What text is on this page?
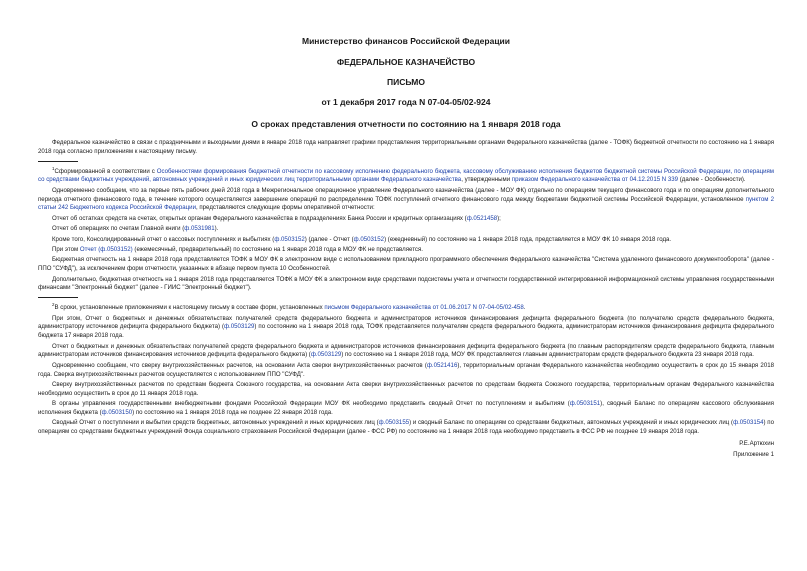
Министерство финансов Российской Федерации
ФЕДЕРАЛЬНОЕ КАЗНАЧЕЙСТВО
ПИСЬМО
от 1 декабря 2017 года N 07-04-05/02-924
О сроках представления отчетности по состоянию на 1 января 2018 года

Федеральное казначейство в связи с праздничными и выходными днями в январе 2018 года направляет графики представления территориальными органами Федерального казначейства (далее - ТОФК) бюджетной отчетности по состоянию на 1 января 2018 года согласно приложениям к настоящему письму.

$^1$Сформированной в соответствии с Особенностями формирования бюджетной отчетности по кассовому исполнению федерального бюджета, кассовому обслуживанию исполнения бюджетов бюджетной системы Российской Федерации, по операциям со средствами бюджетных учреждений, автономных учреждений и иных юридических лиц территориальными органами Федерального казначейства, утвержденными приказом Федерального казначейства от 04.12.2015 N 339 (далее - Особенности).

Одновременно сообщаем, что за первые пять рабочих дней 2018 года в Межрегиональное операционное управление Федерального казначейства (далее - МОУ ФК) отдельно по операциям текущего финансового года и по операциям дополнительного периода отчетного финансового года, в течение которого осуществляется завершение операций по распределению ТОФК поступлений отчетного финансового года между бюджетами бюджетной системы Российской Федерации, установленное пунктом 2 статьи 242 Бюджетного кодекса Российской Федерации, представляются следующие формы оперативной отчетности:

Отчет об остатках средств на счетах, открытых органам Федерального казначейства в подразделениях Банка России и кредитных организациях (ф.0521458);

Отчет об операциях по счетам Главной книги (ф.0531981).

Кроме того, Консолидированный отчет о кассовых поступлениях и выбытиях (ф.0503152) (далее - Отчет (ф.0503152) (ежедневный) по состоянию на 1 января 2018 года, представляется в МОУ ФК 10 января 2018 года.

При этом Отчет (ф.0503152) (ежемесячный, предварительный) по состоянию на 1 января 2018 года в МОУ ФК не представляется.

Бюджетная отчетность на 1 января 2018 года представляется ТОФК в МОУ ФК в электронном виде с использованием прикладного программного обеспечения Федерального казначейства "Система удаленного финансового документооборота" (далее - ППО "СУФД"), за исключением форм отчетности, указанных в абзаце первом пункта 10 Особенностей.

Дополнительно, бюджетная отчетность на 1 января 2018 года представляется ТОФК в МОУ ФК в электронном виде средствами подсистемы учета и отчетности государственной интегрированной информационной системы управления государственными финансами "Электронный бюджет" (далее - ГИИС "Электронный бюджет").

$^2$В сроки, установленные приложениями к настоящему письму в составе форм, установленных письмом Федерального казначейства от 01.06.2017 N 07-04-05/02-458.

При этом, Отчет о бюджетных и денежных обязательствах получателей средств федерального бюджета и администраторов источников финансирования дефицита федерального бюджета (по получателю средств федерального бюджета, администратору источников дефицита федерального бюджета) (ф.0503129) по состоянию на 1 января 2018 года, ТОФК представляется получателям средств федерального бюджета, администраторам источников финансирования дефицита федерального бюджета 17 января 2018 года.

Отчет о бюджетных и денежных обязательствах получателей средств федерального бюджета и администраторов источников финансирования дефицита федерального бюджета (по главным распорядителям средств федерального бюджета, главным администраторам источников финансирования источников дефицита федерального бюджета) (ф.0503129) по состоянию на 1 января 2018 года, МОУ ФК представляется главным администраторам средств федерального бюджета 23 января 2018 года.

Одновременно сообщаем, что сверку внутрихозяйственных расчетов, на основании Акта сверки внутрихозяйственных расчетов (ф.0521416), территориальным органам Федерального казначейства необходимо осуществить в срок до 15 января 2018 года. Сверка внутрихозяйственных расчетов осуществляется с использованием ППО "СУФД".

Сверку внутрихозяйственных расчетов по средствам бюджета Союзного государства, на основании Акта сверки внутрихозяйственных расчетов по средствам бюджета Союзного государства, территориальным органам Федерального казначейства необходимо осуществить в срок до 11 января 2018 года.

В органы управления государственными внебюджетными фондами Российской Федерации МОУ ФК необходимо представить сводный Отчет по поступлениям и выбытиям (ф.0503151), сводный Баланс по операциям кассового обслуживания исполнения бюджета (ф.0503150) по состоянию на 1 января 2018 года не позднее 22 января 2018 года.

Сводный Отчет о поступлении и выбытии средств бюджетных, автономных учреждений и иных юридических лиц (ф.0503155) и сводный Баланс по операциям со средствами бюджетных, автономных учреждений и иных юридических лиц (ф.0503154) по операциям со средствами бюджетных учреждений Фонда социального страхования Российской Федерации (далее - ФСС РФ) по состоянию на 1 января 2018 года необходимо представить в ФСС РФ не позднее 19 января 2018 года.

Р.Е.Артюхин
Приложение 1
